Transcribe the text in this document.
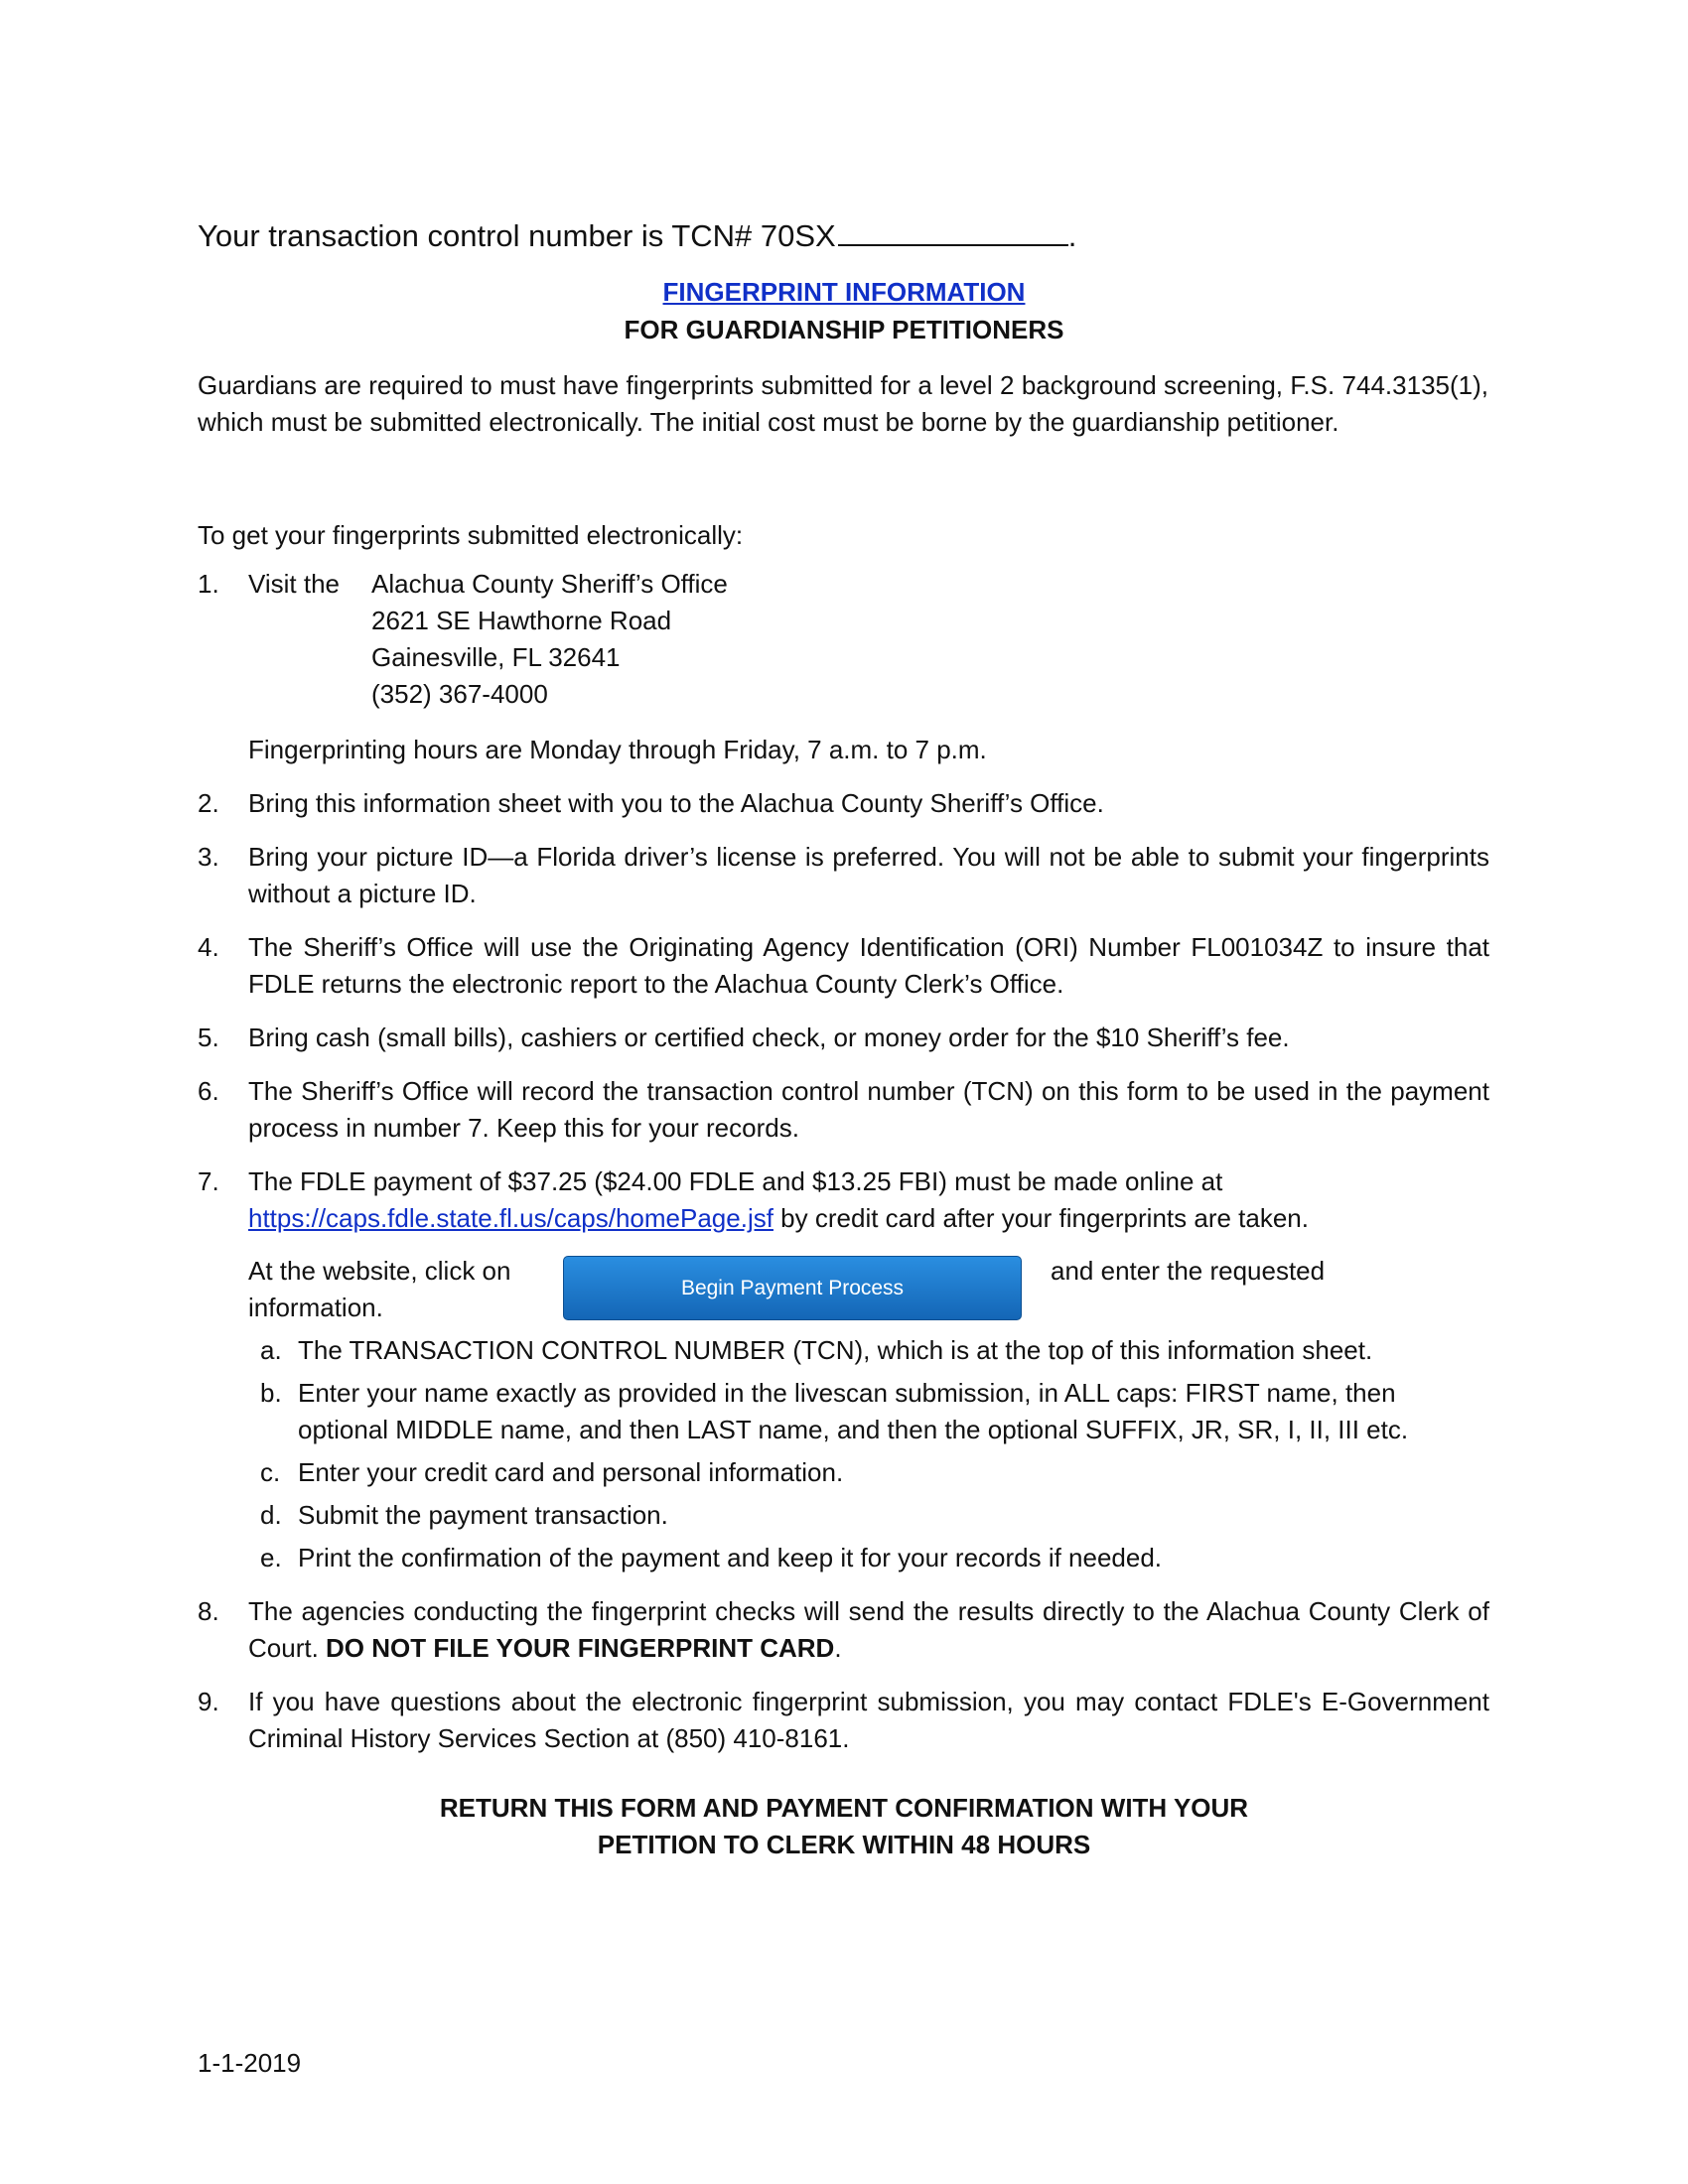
Your transaction control number is TCN# 70SX	.
FINGERPRINT INFORMATION
FOR GUARDIANSHIP PETITIONERS
Guardians are required to must have fingerprints submitted for a level 2 background screening, F.S. 744.3135(1), which must be submitted electronically. The initial cost must be borne by the guardianship petitioner.
To get your fingerprints submitted electronically:
1. Visit the	Alachua County Sheriff’s Office
2621 SE Hawthorne Road
Gainesville, FL 32641
(352) 367-4000
Fingerprinting hours are Monday through Friday, 7 a.m. to 7 p.m.
2. Bring this information sheet with you to the Alachua County Sheriff’s Office.
3. Bring your picture ID—a Florida driver’s license is preferred. You will not be able to submit your fingerprints without a picture ID.
4. The Sheriff’s Office will use the Originating Agency Identification (ORI) Number FL001034Z to insure that FDLE returns the electronic report to the Alachua County Clerk’s Office.
5. Bring cash (small bills), cashiers or certified check, or money order for the $10 Sheriff’s fee.
6. The Sheriff’s Office will record the transaction control number (TCN) on this form to be used in the payment process in number 7. Keep this for your records.
7. The FDLE payment of $37.25 ($24.00 FDLE and $13.25 FBI) must be made online at
https://caps.fdle.state.fl.us/caps/homePage.jsf by credit card after your fingerprints are taken.
At the website, click on
Begin Payment Process
and enter the requested
information.
a. The TRANSACTION CONTROL NUMBER (TCN), which is at the top of this information sheet.
b. Enter your name exactly as provided in the livescan submission, in ALL caps: FIRST name, then optional MIDDLE name, and then LAST name, and then the optional SUFFIX, JR, SR, I, II, III etc.
c. Enter your credit card and personal information.
d. Submit the payment transaction.
e. Print the confirmation of the payment and keep it for your records if needed.
8. The agencies conducting the fingerprint checks will send the results directly to the Alachua County Clerk of Court. DO NOT FILE YOUR FINGERPRINT CARD.
9. If you have questions about the electronic fingerprint submission, you may contact FDLE's E-Government Criminal History Services Section at (850) 410-8161.
RETURN THIS FORM AND PAYMENT CONFIRMATION WITH YOUR
PETITION TO CLERK WITHIN 48 HOURS
1-1-2019
